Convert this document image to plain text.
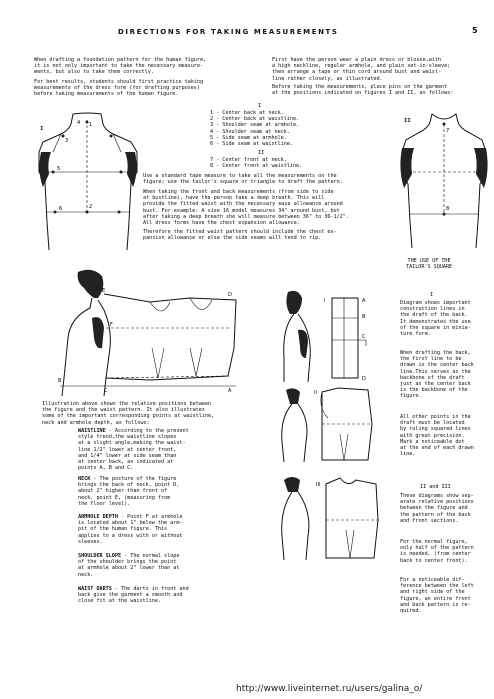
DIRECTIONS FOR TAKING MEASUREMENTS	5
When drafting a foundation pattern for the human figure,
it is not only important to take the necessary measure-
ments, but also to take them correctly.
For best results, students should first practice taking
measurements of the dress form (for drafting purposes)
before taking measurements of the human figure.
First have the person wear a plain dress or blouse,with
a high neckline, regular armhole, and plain set-in-sleeve;
then arrange a tape or thin cord around bust and waist-
line rather closely, as illustrated.
Before taking the measurements, place pins on the garment
at the positions indicated on figures I and II, as follows:
I
1 - Center back at neck.
2 - Center back at waistline.
3 - Shoulder seam at armhole.
4 - Shoulder seam at neck.
5 - Side seam at armhole.
6 - Side seam at waistline.
II
7 - Center front at neck.
8 - Center front at waistline.
Use a standard tape measure to take all the measurements on the
figure; use the tailor's square or triangle to draft the pattern.
When taking the front and back measurements (from side to side
at bustline), have the person take a deep breath. This will
provide the fitted waist with the necessary ease allowance around
bust. For example: A size 16 model measures 34" around bust, but
after taking a deep breath she will measure between 36" to 36-1/2".
All dress forms have the chest expansion allowance.
Therefore the fitted waist pattern should include the chest ex-
pansion allowance or else the side seams will tend to rip.
1
2
3
4
5
6
I	7
8
II
D
E
F
C
B
A
A
B
C
D
I
II
III
Illustration above shows the relative positions between
the figure and the waist pattern. It also illustrates
some of the important corresponding points at waistline,
neck and armhole depth, as follows:
WAISTLINE - According to the present
style trend,the waistline slopes
at a slight angle,making the waist-
line 1/2" lower at center front,
and 1/4" lower at side seam than
at center back, as indicated at
points A, B and C.
NECK - The posture of the figure
brings the back of neck, point D,
about 2" higher than front of
neck, point E, (measuring from
the floor level).
ARMHOLE DEPTH - Point F at armhole
is located about 1" below the arm-
pit of the human figure. This
applies to a dress with or without
sleeves.
SHOULDER SLOPE - The normal slope
of the shoulder brings the point
at armhole about 2" lower than at
neck.
WAIST DARTS - The darts in front and
back give the garment a smooth and
close fit at the waistline.
THE USE OF THE
TAILOR'S SQUARE
I
Diagram shows important
construction lines in
the draft of the back.
It demonstrates the use
of the square in minia-
ture form.
When drafting the back,
the first line to be
drawn is the center back
line.This serves as the
backbone of the draft
just as the center back
is the backbone of the
figure.
All other points in the
draft must be located
by ruling squared lines
with great precision.
Mark a noticeable dot
at the end of each drawn
line.
II and III
These diagrams show sep-
arate relative positions
between the figure and
the pattern of the back
and front sections.
For the normal figure,
only half of the pattern
is needed, (from center
back to center front).
For a noticeable dif-
ference between the left
and right side of the
figure, an entire front
and back pattern is re-
quired.
http://www.liveinternet.ru/users/galina_o/
